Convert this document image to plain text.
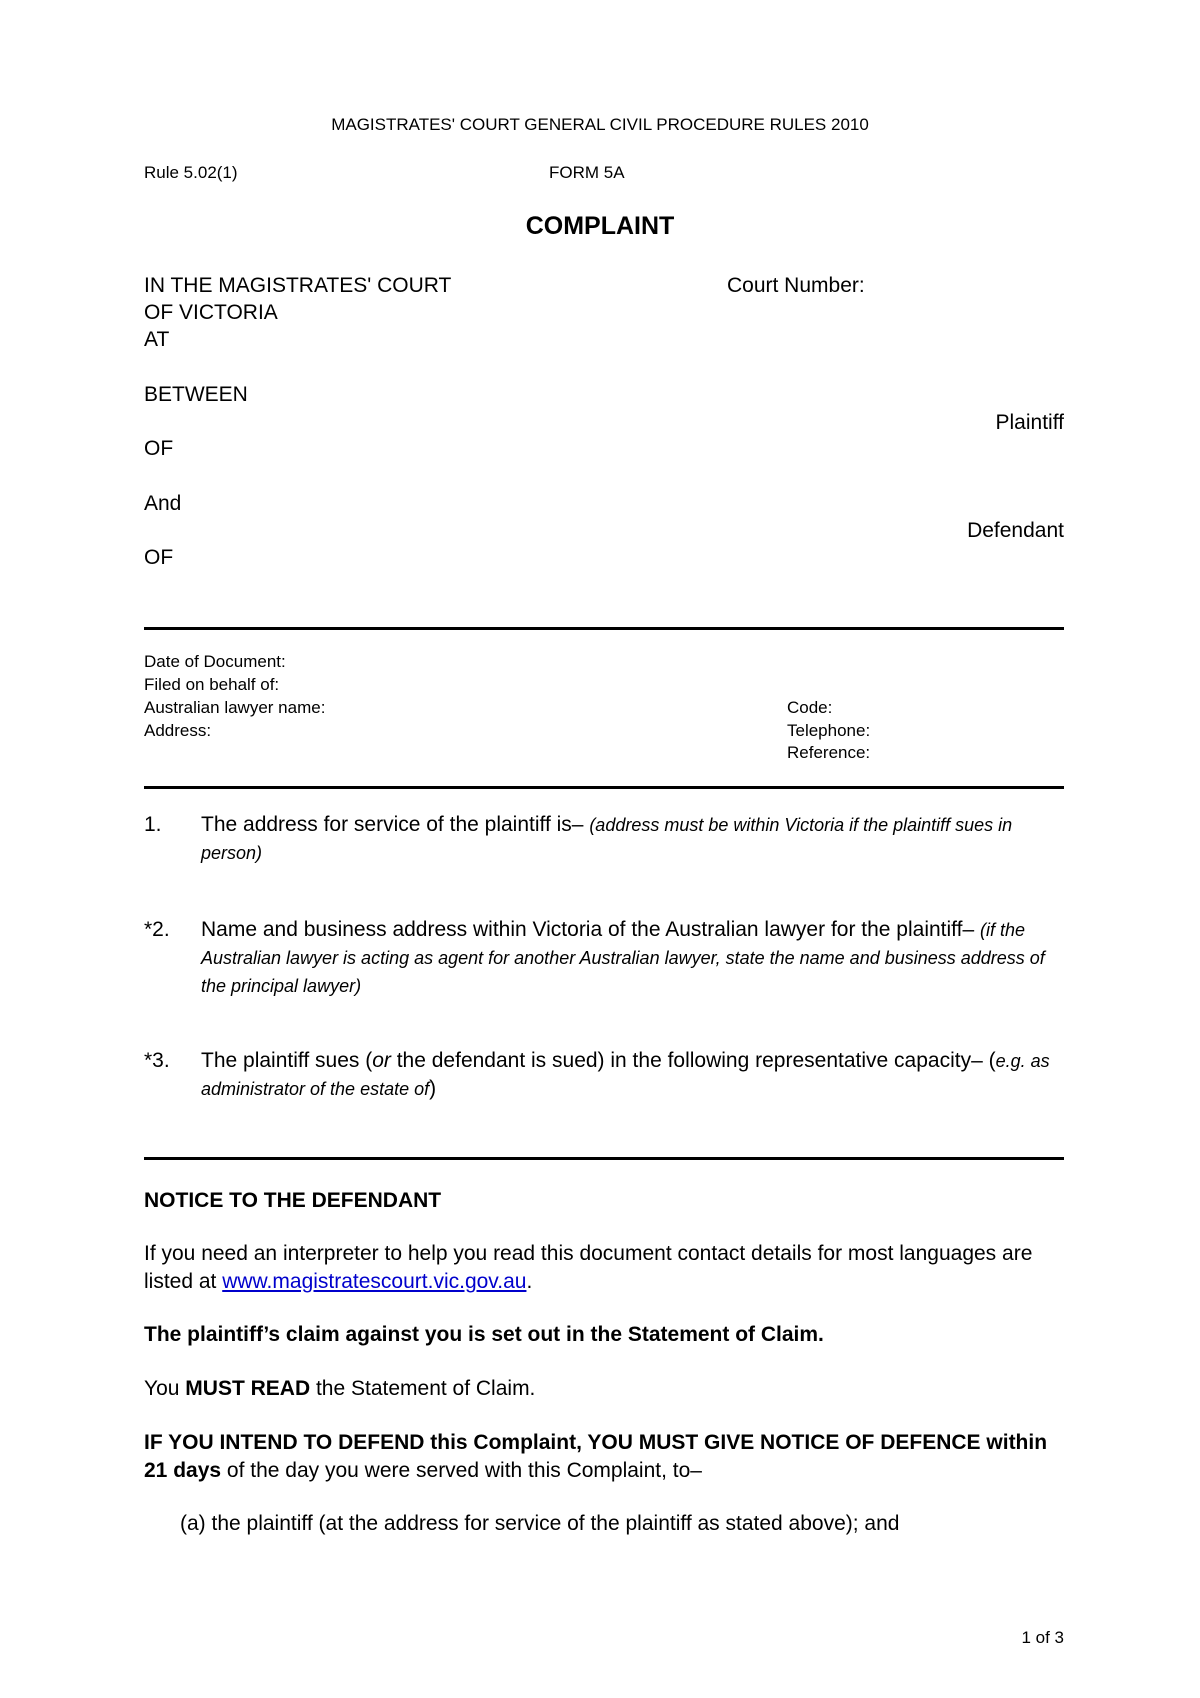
MAGISTRATES' COURT GENERAL CIVIL PROCEDURE RULES 2010
Rule 5.02(1)	FORM 5A
COMPLAINT
IN THE MAGISTRATES' COURT
OF VICTORIA
AT
Court Number:
BETWEEN
Plaintiff
OF
And
Defendant
OF
Date of Document:
Filed on behalf of:
Australian lawyer name:
Address:
Code:
Telephone:
Reference:
1. The address for service of the plaintiff is– (address must be within Victoria if the plaintiff sues in person)
*2. Name and business address within Victoria of the Australian lawyer for the plaintiff– (if the Australian lawyer is acting as agent for another Australian lawyer, state the name and business address of the principal lawyer)
*3. The plaintiff sues (or the defendant is sued) in the following representative capacity– (e.g. as administrator of the estate of)
NOTICE TO THE DEFENDANT
If you need an interpreter to help you read this document contact details for most languages are listed at www.magistratescourt.vic.gov.au.
The plaintiff’s claim against you is set out in the Statement of Claim.
You MUST READ the Statement of Claim.
IF YOU INTEND TO DEFEND this Complaint, YOU MUST GIVE NOTICE OF DEFENCE within 21 days of the day you were served with this Complaint, to–
(a) the plaintiff (at the address for service of the plaintiff as stated above); and
1 of 3
